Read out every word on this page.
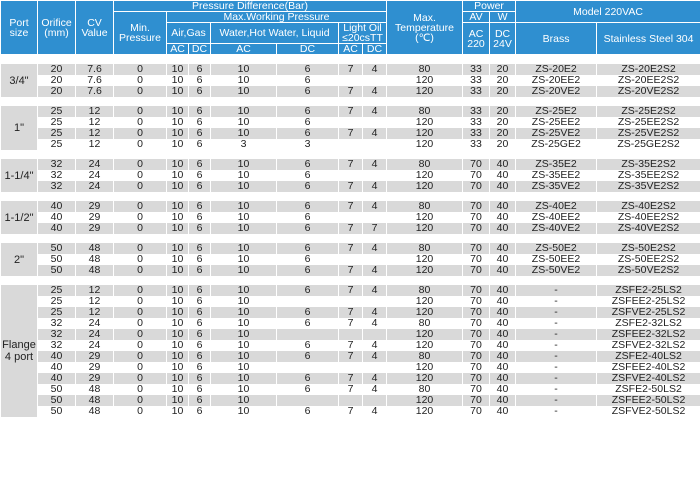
Port size	Orifice (mm)	CV Value	Pressure Difference(Bar)							Max. Temperature (℃)	Power		Model 220VAC	
			Min. Pressure	Max.Working Pressure							AV	W		
				Air,Gas		Water,Hot Water, Liquid		Light Oil ≤20csTT			AC 220	DC 24V	Brass	Stainless Steel 304
				AC	DC	AC	DC	AC	DC					

3/4"	20	7.6	0	10	6	10	6	7	4	80	33	20	ZS-20E2	ZS-20E2S2
	20	7.6	0	10	6	10	6			120	33	20	ZS-20EE2	ZS-20EE2S2
	20	7.6	0	10	6	10	6	7	4	120	33	20	ZS-20VE2	ZS-20VE2S2

1"	25	12	0	10	6	10	6	7	4	80	33	20	ZS-25E2	ZS-25E2S2
	25	12	0	10	6	10	6			120	33	20	ZS-25EE2	ZS-25EE2S2
	25	12	0	10	6	10	6	7	4	120	33	20	ZS-25VE2	ZS-25VE2S2
	25	12	0	10	6	3	3			120	33	20	ZS-25GE2	ZS-25GE2S2

1-1/4"	32	24	0	10	6	10	6	7	4	80	70	40	ZS-35E2	ZS-35E2S2
	32	24	0	10	6	10	6			120	70	40	ZS-35EE2	ZS-35EE2S2
	32	24	0	10	6	10	6	7	4	120	70	40	ZS-35VE2	ZS-35VE2S2

1-1/2"	40	29	0	10	6	10	6	7	4	80	70	40	ZS-40E2	ZS-40E2S2
	40	29	0	10	6	10	6			120	70	40	ZS-40EE2	ZS-40EE2S2
	40	29	0	10	6	10	6	7	7	120	70	40	ZS-40VE2	ZS-40VE2S2

2"	50	48	0	10	6	10	6	7	4	80	70	40	ZS-50E2	ZS-50E2S2
	50	48	0	10	6	10	6			120	70	40	ZS-50EE2	ZS-50EE2S2
	50	48	0	10	6	10	6	7	4	120	70	40	ZS-50VE2	ZS-50VE2S2

Flange 4 port	25	12	0	10	6	10	6	7	4	80	70	40	-	ZSFE2-25LS2
	25	12	0	10	6	10				120	70	40	-	ZSFEE2-25LS2
	25	12	0	10	6	10	6	7	4	120	70	40	-	ZSFVE2-25LS2
	32	24	0	10	6	10	6	7	4	80	70	40	-	ZSFE2-32LS2
	32	24	0	10	6	10				120	70	40	-	ZSFEE2-32LS2
	32	24	0	10	6	10	6	7	4	120	70	40	-	ZSFVE2-32LS2
	40	29	0	10	6	10	6	7	4	80	70	40	-	ZSFE2-40LS2
	40	29	0	10	6	10				120	70	40	-	ZSFEE2-40LS2
	40	29	0	10	6	10	6	7	4	120	70	40	-	ZSFVE2-40LS2
	50	48	0	10	6	10	6	7	4	80	70	40	-	ZSFE2-50LS2
	50	48	0	10	6	10				120	70	40	-	ZSFEE2-50LS2
	50	48	0	10	6	10	6	7	4	120	70	40	-	ZSFVE2-50LS2
